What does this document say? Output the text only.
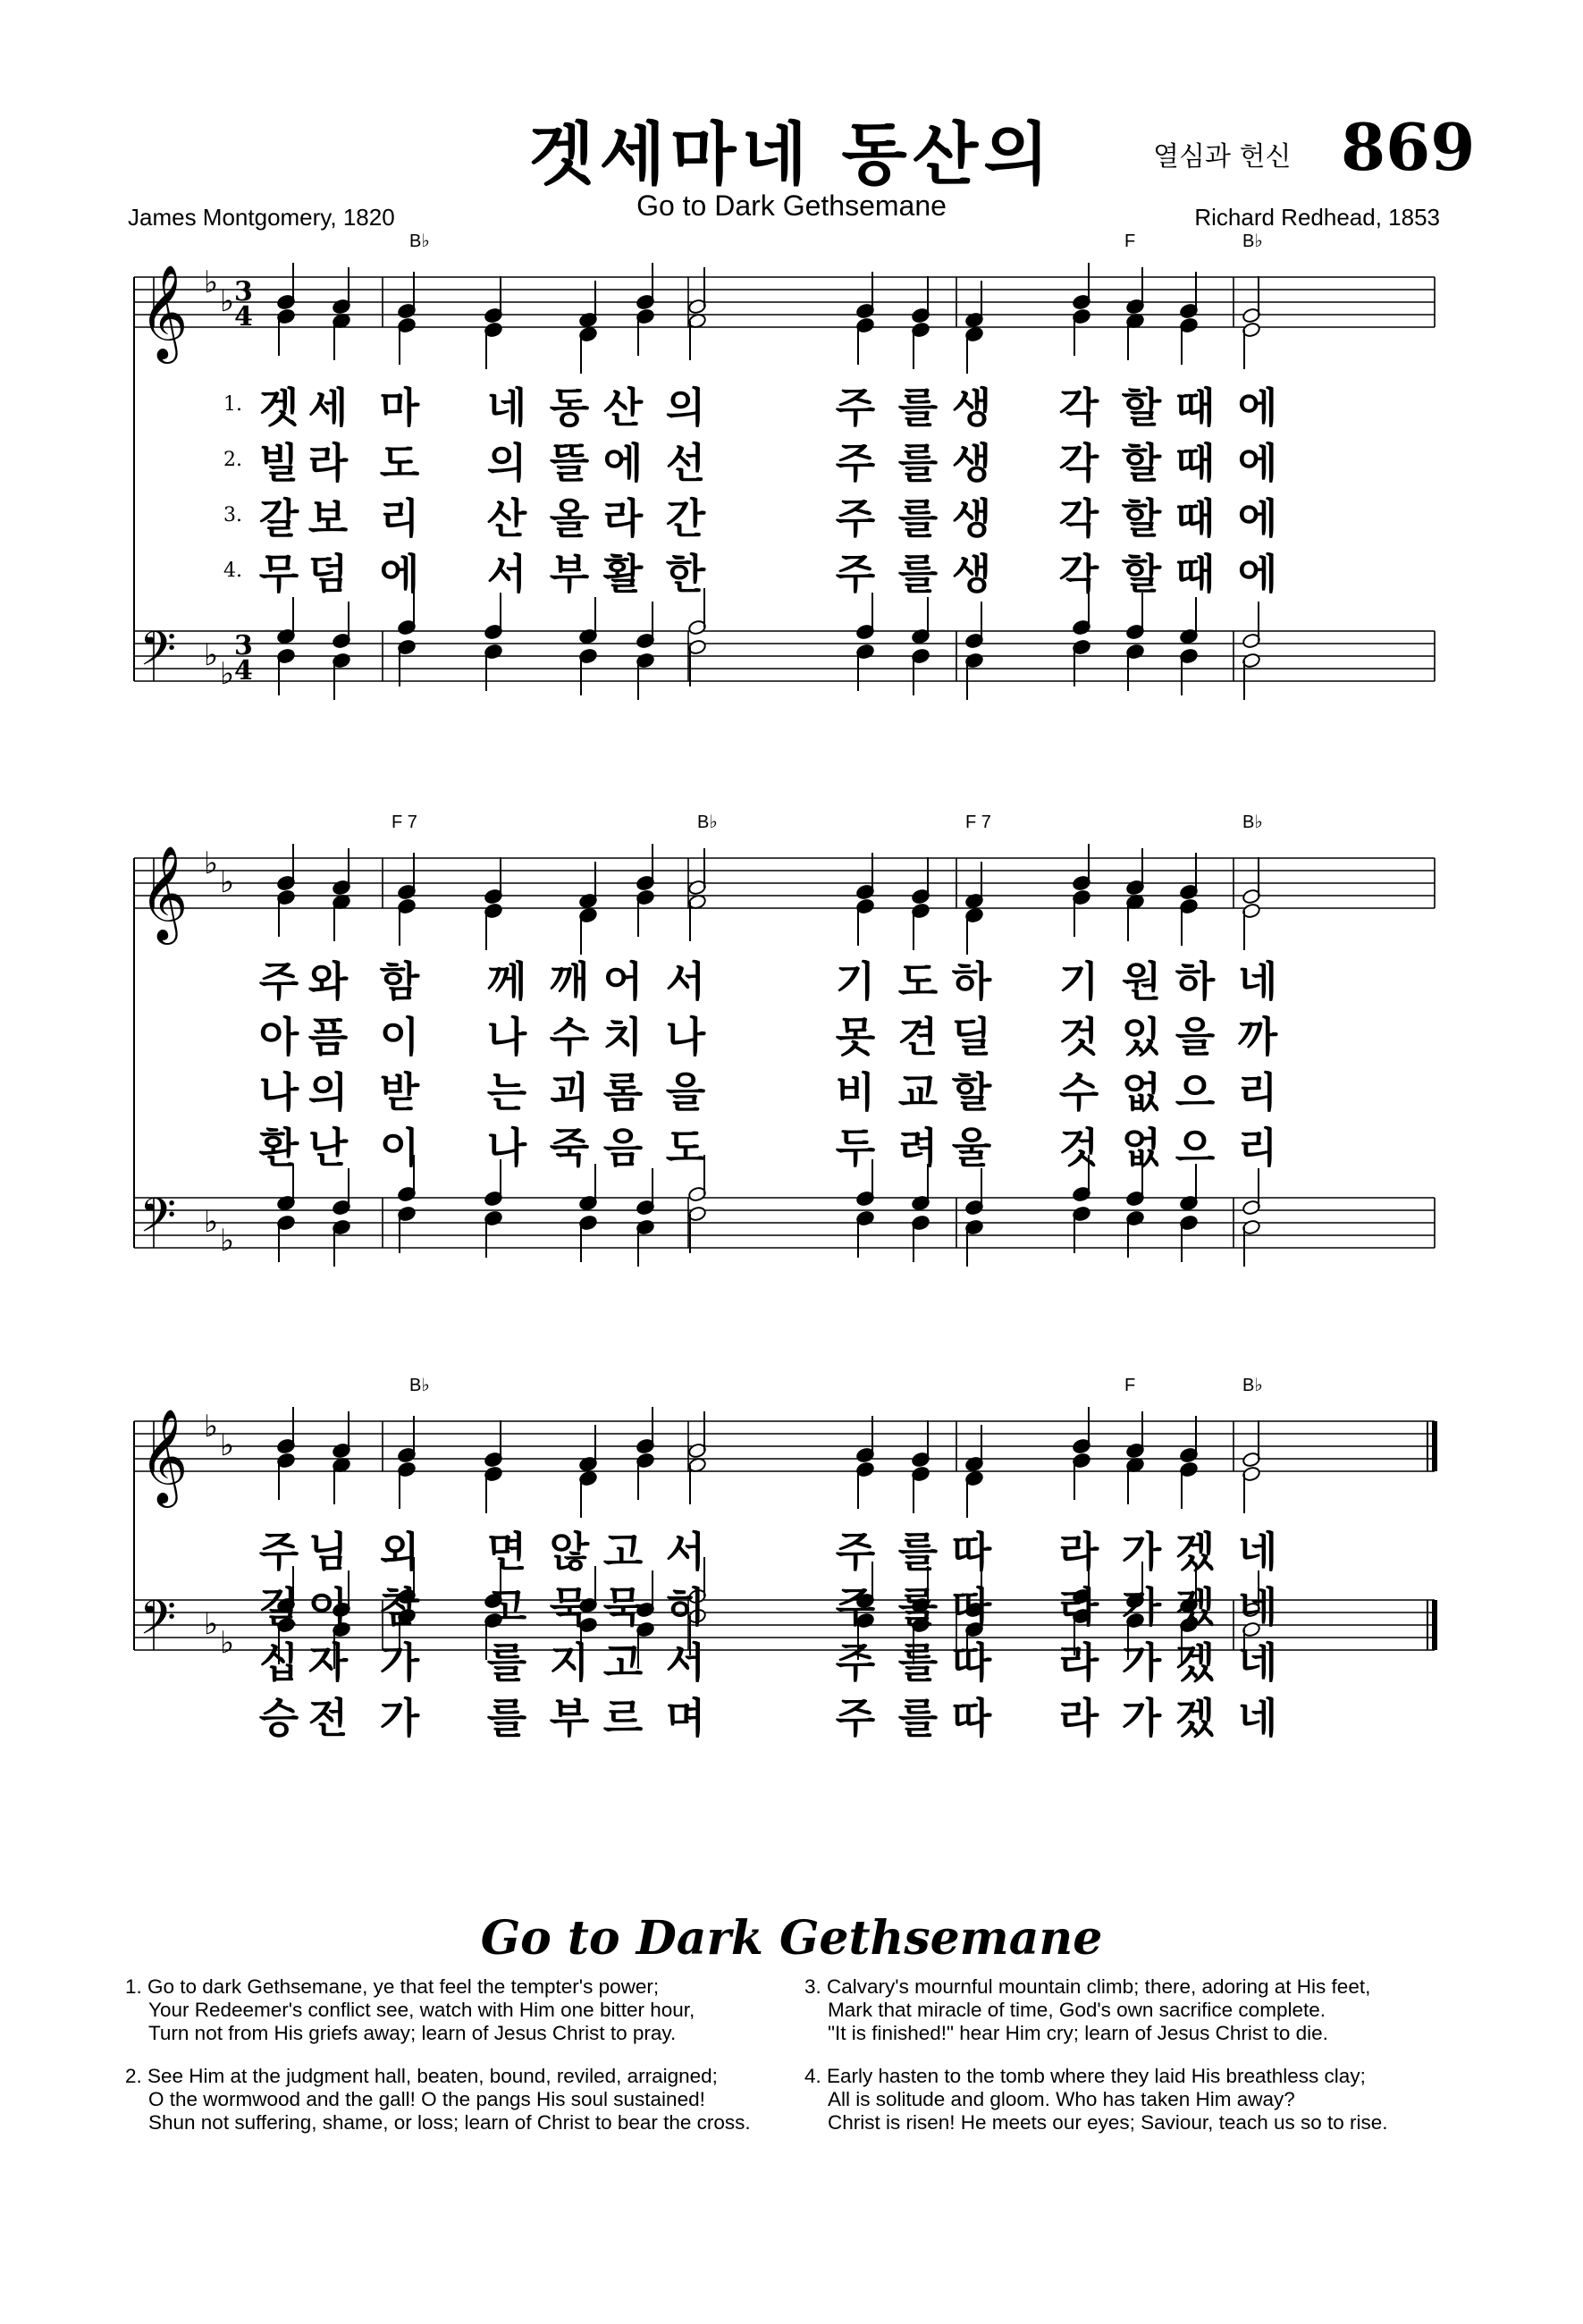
겟세마네 동산의
Go to Dark Gethsemane
열심과 헌신 869
James Montgomery, 1820	Richard Redhead, 1853
𝄞
𝄢
♭
♭
♭
♭
3
3
4
4
B♭	F	B♭
𝄞
𝄢
♭
♭
♭
♭
F 7	B♭	F 7	B♭
𝄞
𝄢
♭
♭
♭
♭
B♭	F	B♭
1. 겟 세 마 네 동 산 의	주 를 생 각 할 때 에
2. 빌 라 도 의 뜰 에 선	주 를 생 각 할 때 에
3. 갈 보 리 산 올 라 간	주 를 생 각 할 때 에
4. 무 덤 에 서 부 활 한	주 를 생 각 할 때 에
주 와 함 께 깨 어 서	기 도 하 기 원 하 네
아 픔 이 나 수 치 나	못 견 딜 것 있 을 까
나 의 받 는 괴 롬 을	비 교 할 수 없 으 리
환 난 이 나 죽 음 도	두 려 울 것 없 으 리
주 님 외 면 않 고 서	주 를 따 라 가 겠 네
길 이 참 고 묵 묵 히	주 를 따 라 가 겠 네
십 자 가 를 지 고 서	주 를 따 라 가 겠 네
승 전 가 를 부 르 며	주 를 따 라 가 겠 네
Go to Dark Gethsemane
1. Go to dark Gethsemane, ye that feel the tempter's power;
Your Redeemer's conflict see, watch with Him one bitter hour,
Turn not from His griefs away; learn of Jesus Christ to pray.
2. See Him at the judgment hall, beaten, bound, reviled, arraigned;
O the wormwood and the gall! O the pangs His soul sustained!
Shun not suffering, shame, or loss; learn of Christ to bear the cross.
3. Calvary's mournful mountain climb; there, adoring at His feet,
Mark that miracle of time, God's own sacrifice complete.
"It is finished!" hear Him cry; learn of Jesus Christ to die.
4. Early hasten to the tomb where they laid His breathless clay;
All is solitude and gloom. Who has taken Him away?
Christ is risen! He meets our eyes; Saviour, teach us so to rise.
